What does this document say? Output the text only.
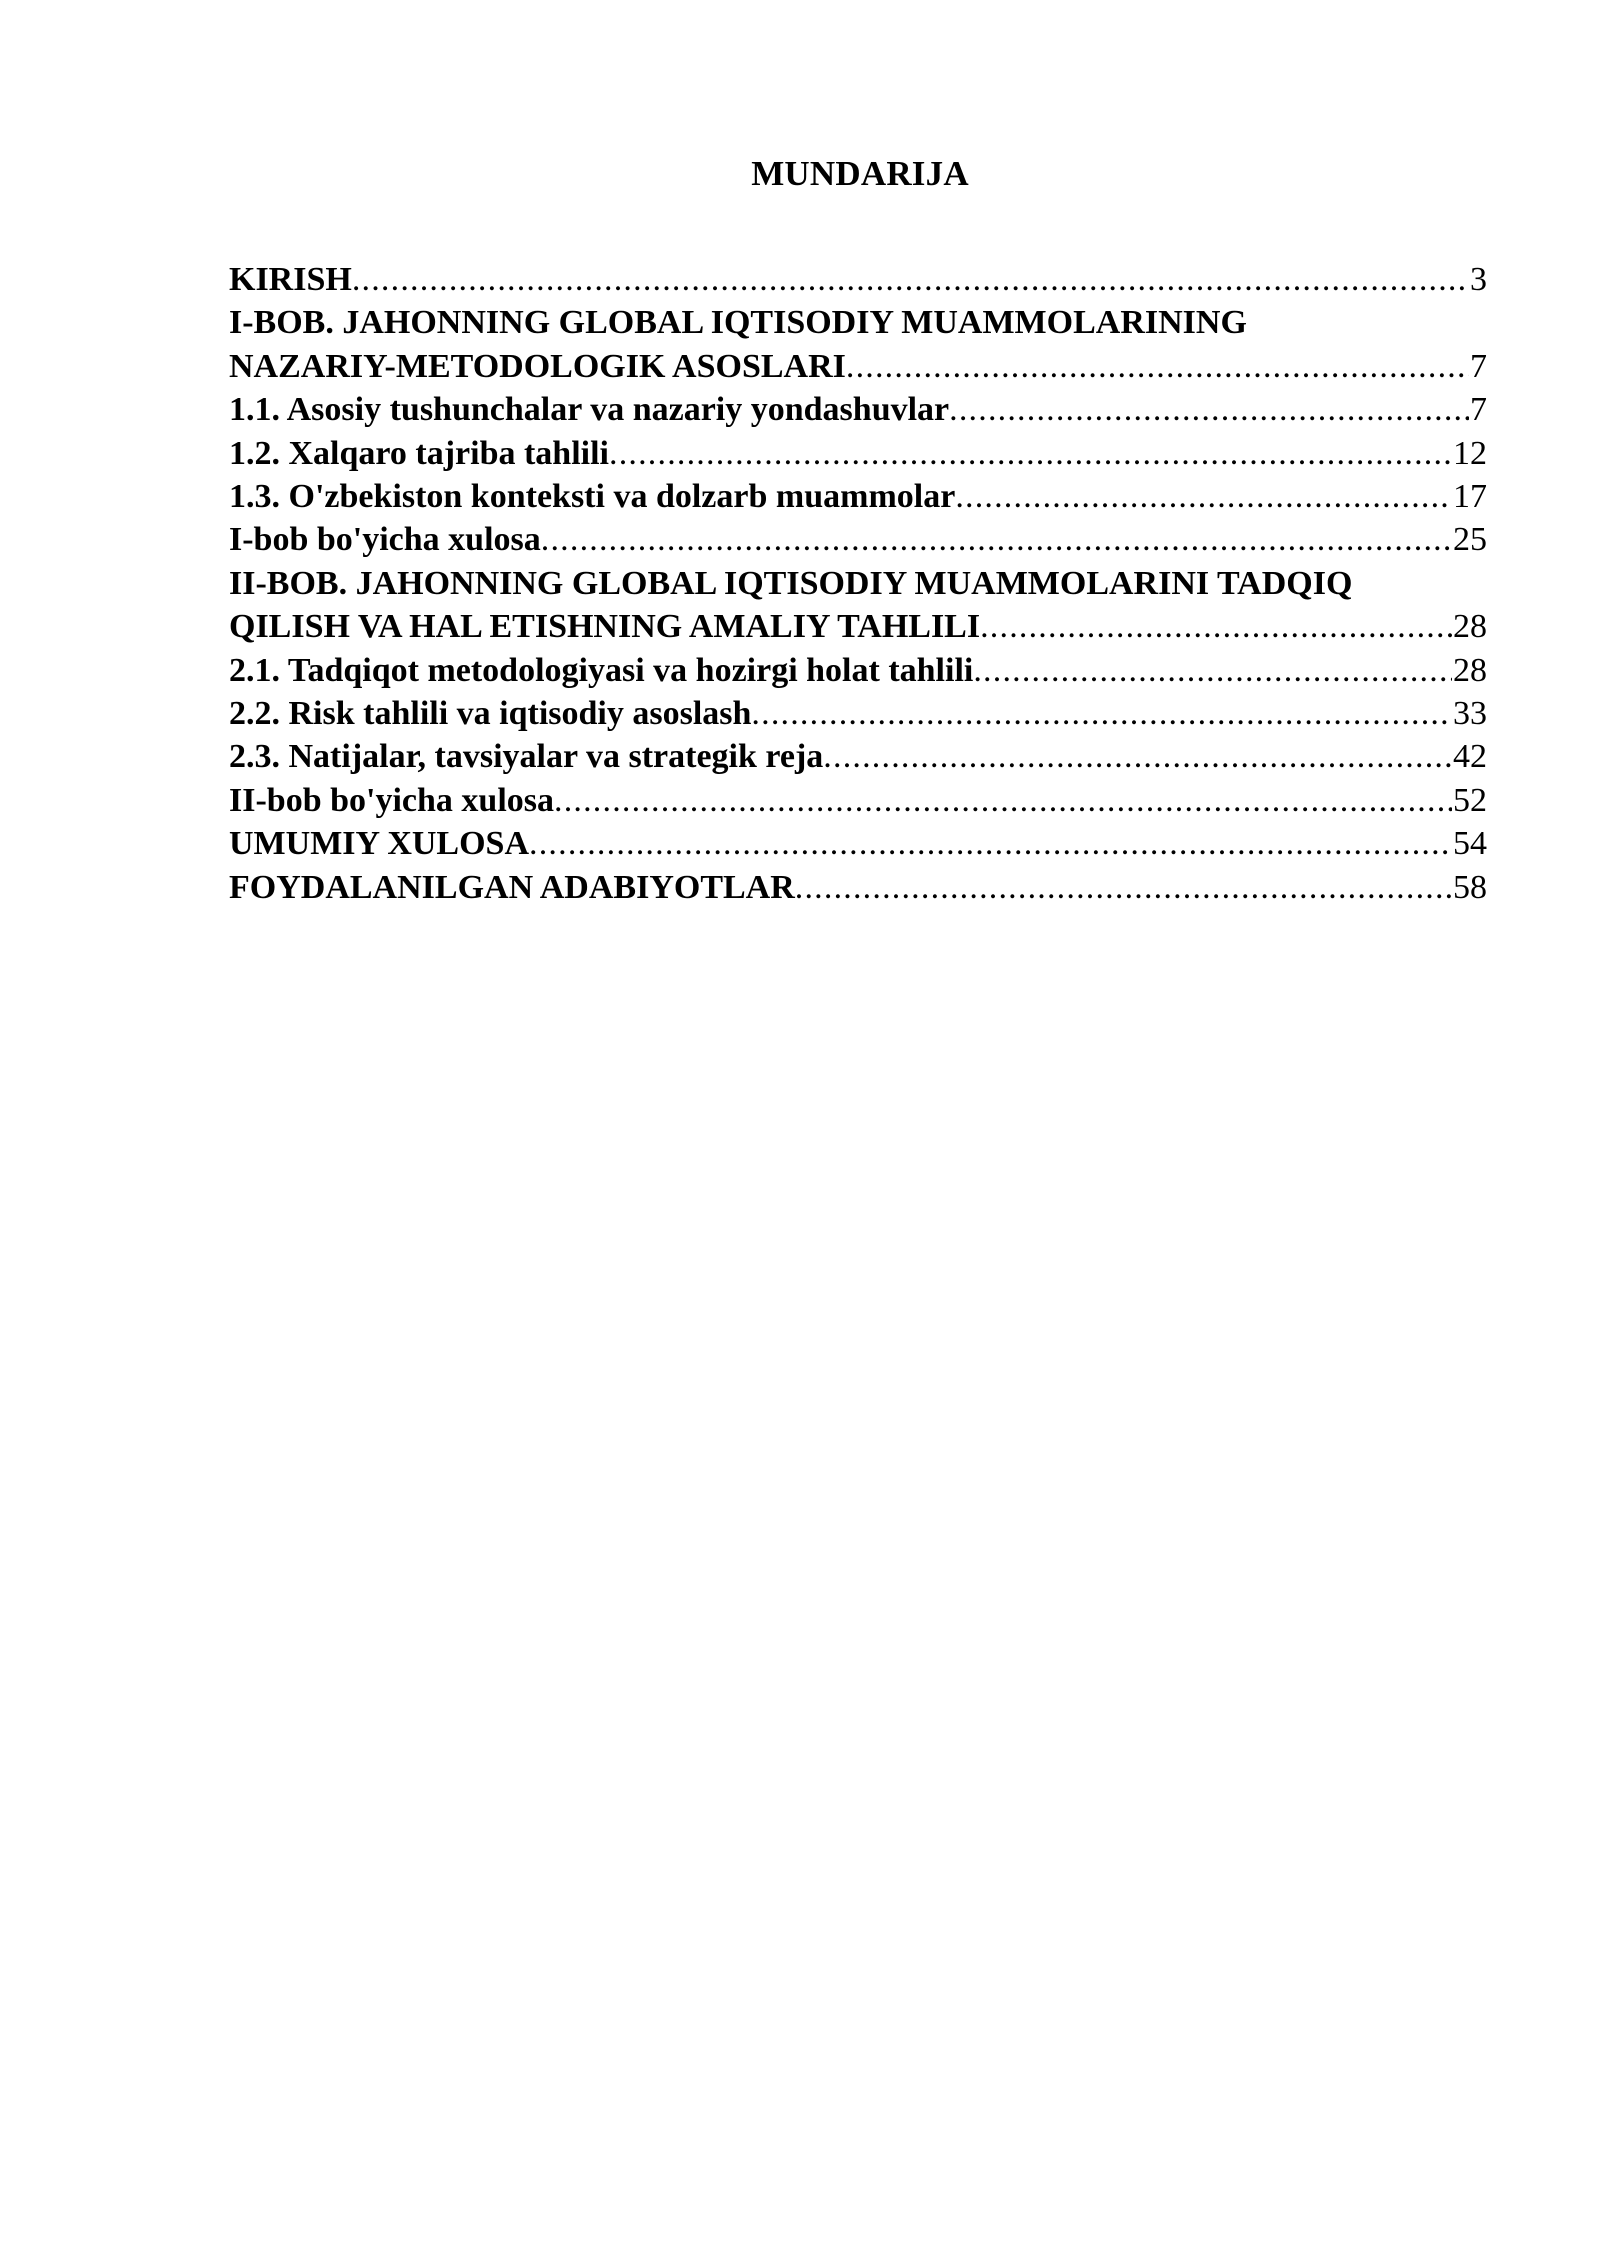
MUNDARIJA
KIRISH .....	3
I-BOB. JAHONNING GLOBAL IQTISODIY MUAMMOLARINING
NAZARIY-METODOLOGIK ASOSLARI .....	7
1.1. Asosiy tushunchalar va nazariy yondashuvlar .....	7
1.2. Xalqaro tajriba tahlili .....	12
1.3. O'zbekiston konteksti va dolzarb muammolar .....	17
I-bob bo'yicha xulosa .....	25
II-BOB. JAHONNING GLOBAL IQTISODIY MUAMMOLARINI TADQIQ
QILISH VA HAL ETISHNING AMALIY TAHLILI .....	28
2.1. Tadqiqot metodologiyasi va hozirgi holat tahlili .....	28
2.2. Risk tahlili va iqtisodiy asoslash .....	33
2.3. Natijalar, tavsiyalar va strategik reja .....	42
II-bob bo'yicha xulosa .....	52
UMUMIY XULOSA .....	54
FOYDALANILGAN ADABIYOTLAR .....	58
